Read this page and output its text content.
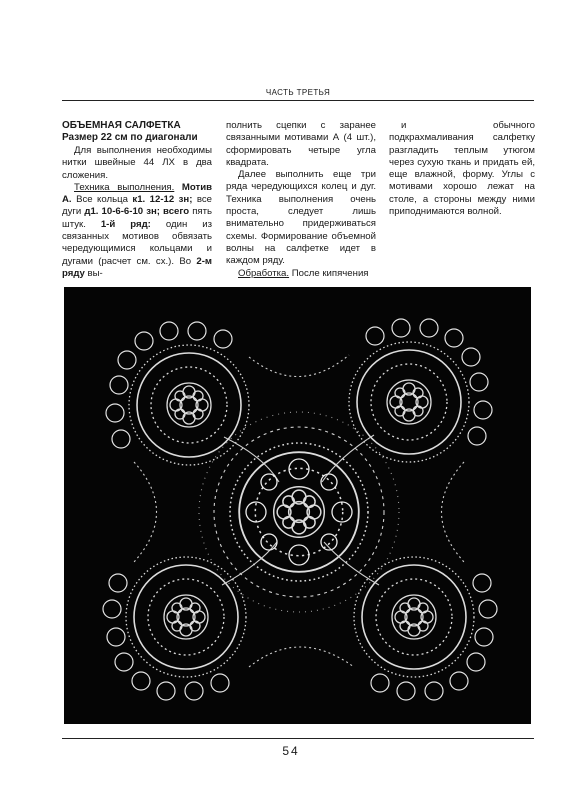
ЧАСТЬ ТРЕТЬЯ

ОБЪЕМНАЯ САЛФЕТКА

Размер 22 см по диагонали

Для выполнения необходимы нитки швейные 44 ЛХ в два сложения.

Техника выполнения. Мотив А. Все кольца к1. 12-12 зн; все дуги д1. 10-6-6-10 зн; всего пять штук. 1-й ряд: один из связанных мотивов обвязать чередующимися кольцами и дугами (расчет см. сх.). Во 2-м ряду вы-

полнить сцепки с заранее связанными мотивами А (4 шт.), сформировать четыре угла квадрата.

Далее выполнить еще три ряда чередующихся колец и дуг. Техника выполнения очень проста, следует лишь внимательно придерживаться схемы. Формирование объемной волны на салфетке идет в каждом ряду.

Обработка. После кипячения

и обычного подкрахмаливания салфетку разгладить теплым утюгом через сухую ткань и придать ей, еще влажной, форму. Углы с мотивами хорошо лежат на столе, а стороны между ними приподнимаются волной.

54
